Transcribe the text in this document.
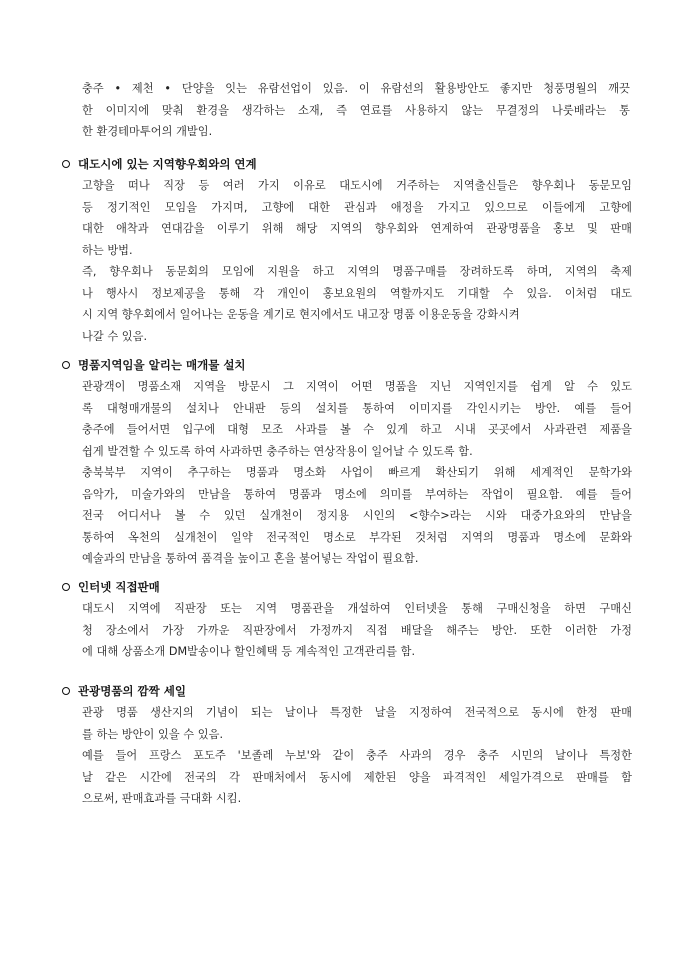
충주 • 제천 • 단양을 잇는 유람선업이 있음. 이 유람선의 활용방안도 좋지만 청풍명월의 깨끗
한 이미지에 맞춰 환경을 생각하는 소재, 즉 연료를 사용하지 않는 무결정의 나룻배라는 통
한 환경테마투어의 개발임.
대도시에 있는 지역향우회와의 연계
고향을 떠나 직장 등 여러 가지 이유로 대도시에 거주하는 지역출신들은 향우회나 동문모임
등 정기적인 모임을 가지며, 고향에 대한 관심과 애정을 가지고 있으므로 이들에게 고향에
대한 애착과 연대감을 이루기 위해 해당 지역의 향우회와 연계하여 관광명품을 홍보 및 판매
하는 방법.
즉, 향우회나 동문회의 모임에 지원을 하고 지역의 명품구매를 장려하도록 하며, 지역의 축제
나 행사시 정보제공을 통해 각 개인이 홍보요원의 역할까지도 기대할 수 있음. 이처럼 대도
시 지역 향우회에서 일어나는 운동을 계기로 현지에서도 내고장 명품 이용운동을 강화시켜
나갈 수 있음.
명품지역임을 알리는 매개물 설치
관광객이 명품소재 지역을 방문시 그 지역이 어떤 명품을 지닌 지역인지를 쉽게 알 수 있도
록 대형매개물의 설치나 안내판 등의 설치를 통하여 이미지를 각인시키는 방안. 예를 들어
충주에 들어서면 입구에 대형 모조 사과를 볼 수 있게 하고 시내 곳곳에서 사과관련 제품을
쉽게 발견할 수 있도록 하여 사과하면 충주하는 연상작용이 일어날 수 있도록 함.
충북북부 지역이 추구하는 명품과 명소화 사업이 빠르게 확산되기 위해 세계적인 문학가와
음악가, 미술가와의 만남을 통하여 명품과 명소에 의미를 부여하는 작업이 필요함. 예를 들어
전국 어디서나 볼 수 있던 실개천이 정지용 시인의 <향수>라는 시와 대중가요와의 만남을
통하여 옥천의 실개천이 일약 전국적인 명소로 부각된 것처럼 지역의 명품과 명소에 문화와
예술과의 만남을 통하여 품격을 높이고 혼을 불어넣는 작업이 필요함.
인터넷 직접판매
대도시 지역에 직판장 또는 지역 명품관을 개설하여 인터넷을 통해 구매신청을 하면 구매신
청 장소에서 가장 가까운 직판장에서 가정까지 직접 배달을 해주는 방안. 또한 이러한 가정
에 대해 상품소개 DM발송이나 할인혜택 등 계속적인 고객관리를 함.
관광명품의 깜짝 세일
관광 명품 생산지의 기념이 되는 날이나 특정한 날을 지정하여 전국적으로 동시에 한정 판매
를 하는 방안이 있을 수 있음.
예를 들어 프랑스 포도주 '보졸레 누보'와 같이 충주 사과의 경우 충주 시민의 날이나 특정한
날 같은 시간에 전국의 각 판매처에서 동시에 제한된 양을 파격적인 세일가격으로 판매를 함
으로써, 판매효과를 극대화 시킴.
